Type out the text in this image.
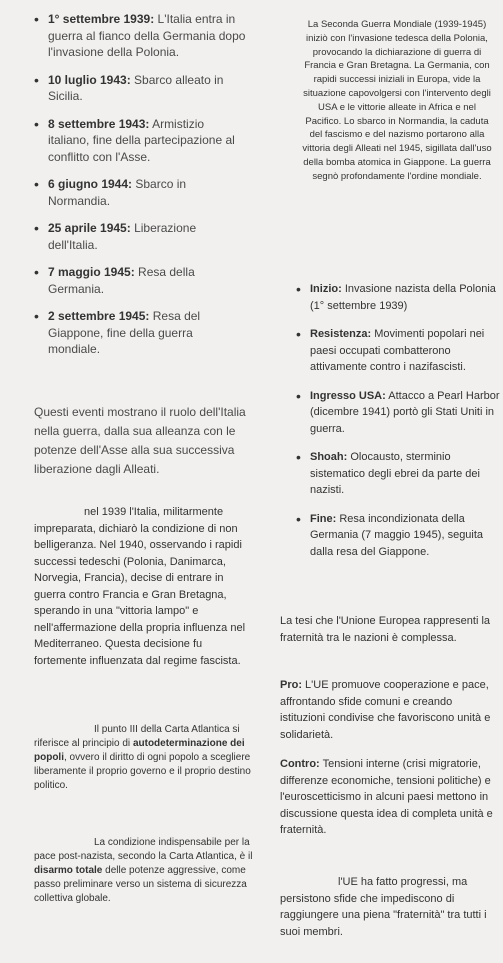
• 1° settembre 1939: L'Italia entra in guerra al fianco della Germania dopo l'invasione della Polonia.
• 10 luglio 1943: Sbarco alleato in Sicilia.
• 8 settembre 1943: Armistizio italiano, fine della partecipazione al conflitto con l'Asse.
• 6 giugno 1944: Sbarco in Normandia.
• 25 aprile 1945: Liberazione dell'Italia.
• 7 maggio 1945: Resa della Germania.
• 2 settembre 1945: Resa del Giappone, fine della guerra mondiale.

Questi eventi mostrano il ruolo dell'Italia nella guerra, dalla sua alleanza con le potenze dell'Asse alla sua successiva liberazione dagli Alleati.

nel 1939 l'Italia, militarmente impreparata, dichiarò la condizione di non belligeranza. Nel 1940, osservando i rapidi successi tedeschi (Polonia, Danimarca, Norvegia, Francia), decise di entrare in guerra contro Francia e Gran Bretagna, sperando in una "vittoria lampo" e nell'affermazione della propria influenza nel Mediterraneo. Questa decisione fu fortemente influenzata dal regime fascista.

Il punto III della Carta Atlantica si riferisce al principio di autodeterminazione dei popoli, ovvero il diritto di ogni popolo a scegliere liberamente il proprio governo e il proprio destino politico.

La condizione indispensabile per la pace post-nazista, secondo la Carta Atlantica, è il disarmo totale delle potenze aggressive, come passo preliminare verso un sistema di sicurezza collettiva globale.

La Seconda Guerra Mondiale (1939-1945) iniziò con l'invasione tedesca della Polonia, provocando la dichiarazione di guerra di Francia e Gran Bretagna. La Germania, con rapidi successi iniziali in Europa, vide la situazione capovolgersi con l'intervento degli USA e le vittorie alleate in Africa e nel Pacifico. Lo sbarco in Normandia, la caduta del fascismo e del nazismo portarono alla vittoria degli Alleati nel 1945, sigillata dall'uso della bomba atomica in Giappone. La guerra segnò profondamente l'ordine mondiale.

• Inizio: Invasione nazista della Polonia (1° settembre 1939)
• Resistenza: Movimenti popolari nei paesi occupati combatterono attivamente contro i nazifascisti.
• Ingresso USA: Attacco a Pearl Harbor (dicembre 1941) portò gli Stati Uniti in guerra.
• Shoah: Olocausto, sterminio sistematico degli ebrei da parte dei nazisti.
• Fine: Resa incondizionata della Germania (7 maggio 1945), seguita dalla resa del Giappone.

La tesi che l'Unione Europea rappresenti la fraternità tra le nazioni è complessa.

Pro: L'UE promuove cooperazione e pace, affrontando sfide comuni e creando istituzioni condivise che favoriscono unità e solidarietà.

Contro: Tensioni interne (crisi migratorie, differenze economiche, tensioni politiche) e l'euroscetticismo in alcuni paesi mettono in discussione questa idea di completa unità e fraternità.

l'UE ha fatto progressi, ma persistono sfide che impediscono di raggiungere una piena "fraternità" tra tutti i suoi membri.
